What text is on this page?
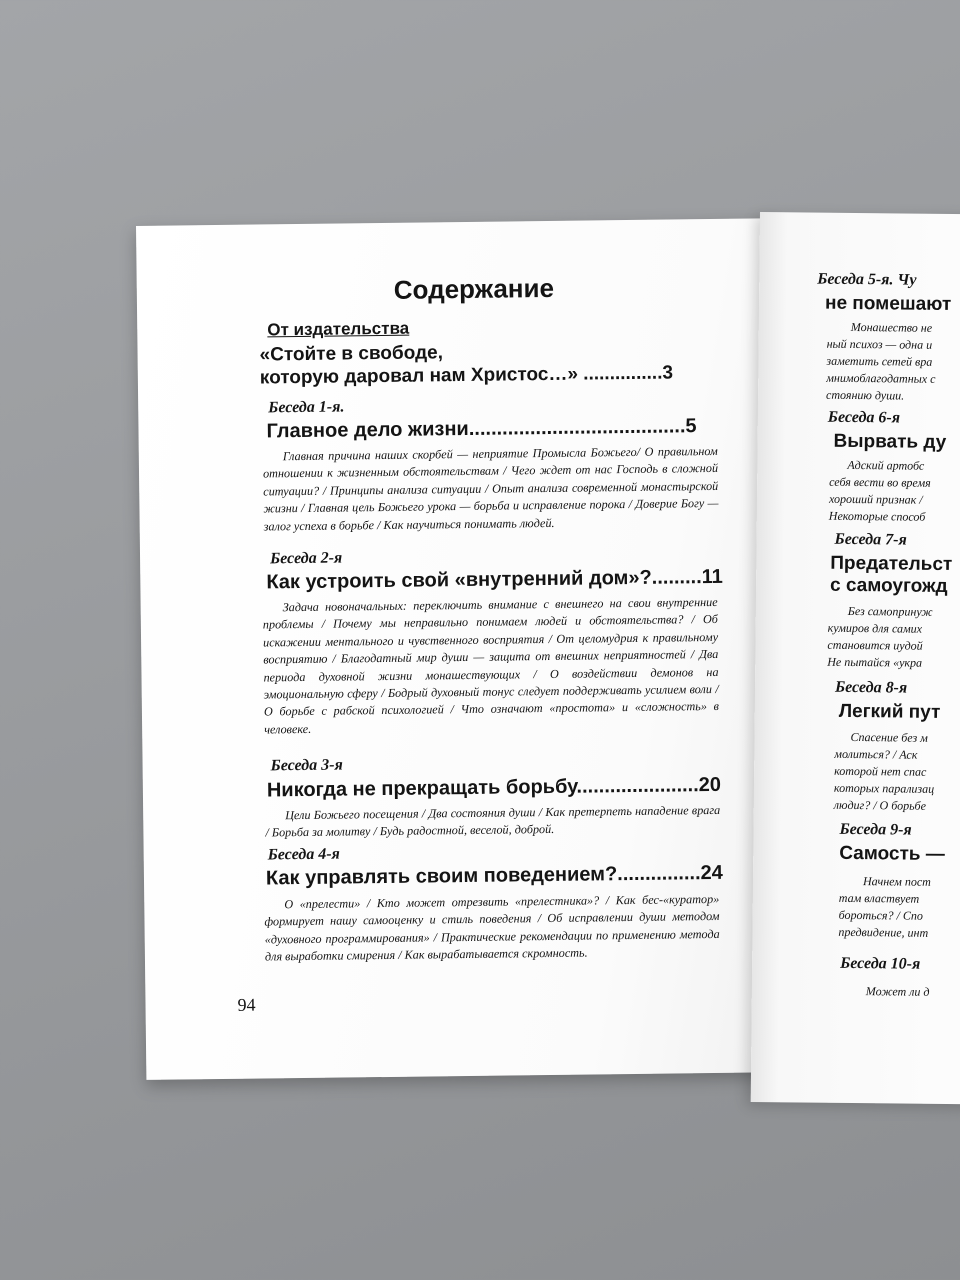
Содержание
От издательства
«Стойте в свободе,
которую даровал нам Христос…» ...............3
Беседа 1-я.
Главное дело жизни.......................................5
Главная причина наших скорбей — неприятие Промысла Божьего/ О правильном отношении к жизненным обстоятельствам / Чего ждет от нас Господь в сложной ситуации? / Принципы анализа ситуации / Опыт анализа современной монастырской жизни / Главная цель Божьего урока — борьба и исправление порока / Доверие Богу — залог успеха в борьбе / Как научиться понимать людей.
Беседа 2-я
Как устроить свой «внутренний дом»?.........11
Задача новоначальных: переключить внимание с внешнего на свои внутренние проблемы / Почему мы неправильно понимаем людей и обстоятельства? / Об искажении ментального и чувственного восприятия / От целомудрия к правильному восприятию / Благодатный мир души — защита от внешних неприятностей / Два периода духовной жизни монашествующих / О воздействии демонов на эмоциональную сферу / Бодрый духовный тонус следует поддерживать усилием воли / О борьбе с рабской психологией / Что означают «простота» и «сложность» в человеке.
Беседа 3-я
Никогда не прекращать борьбу......................20
Цели Божьего посещения / Два состояния души / Как претерпеть нападение врага / Борьба за молитву / Будь радостной, веселой, доброй.
Беседа 4-я
Как управлять своим поведением?...............24
О «прелести» / Кто может отрезвить «прелестника»? / Как бес-«куратор» формирует нашу самооценку и стиль поведения / Об исправлении души методом «духовного программирования» / Практические рекомендации по применению метода для выработки смирения / Как вырабатывается скромность.
94
Беседа 5-я. Чу
не помешают
Монашество не
ный психоз — одна и
заметить сетей вра
мнимоблагодатных с
стоянию души.
Беседа 6-я
Вырвать ду
Адский артобс
себя вести во время
хороший признак /
Некоторые способ
Беседа 7-я
Предательст
с самоугожд
Без самопринуж
кумиров для самих
становится иудой
Не пытайся «укра
Беседа 8-я
Легкий пут
Спасение без м
молиться? / Аск
которой нет спас
которых парализац
людиг? / О борьбе
Беседа 9-я
Самость —
Начнем пост
там властвует
бороться? / Спо
предвидение, инт
Беседа 10-я
Может ли д
